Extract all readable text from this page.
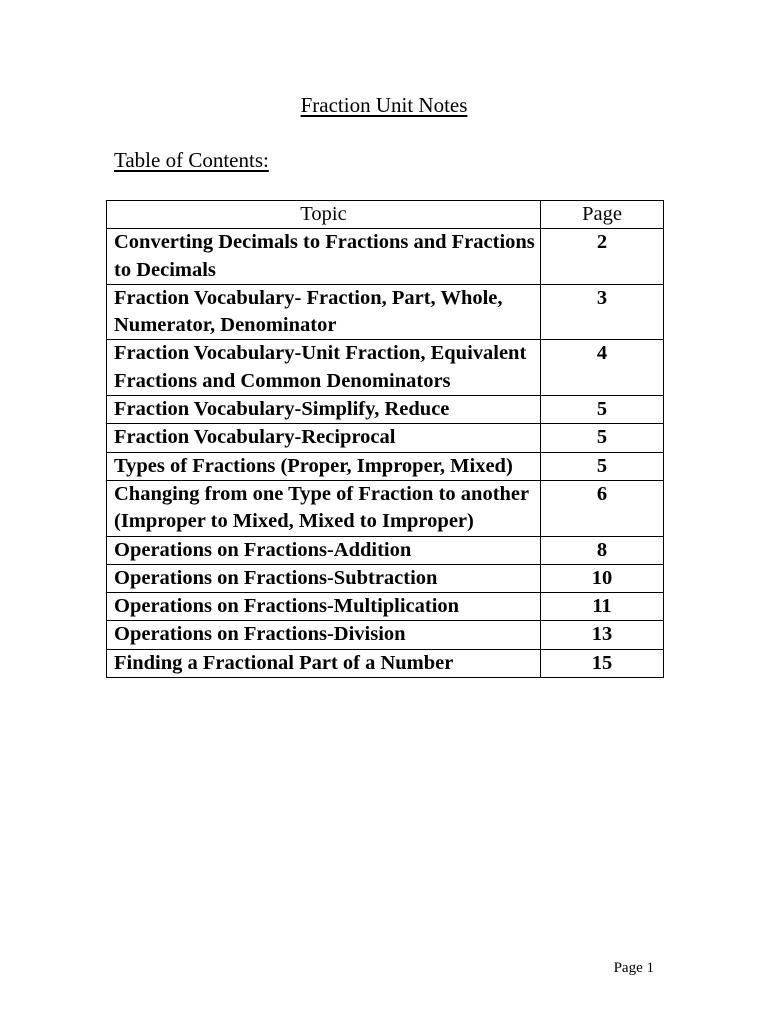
Fraction Unit Notes
Table of Contents:
Topic	Page
Converting Decimals to Fractions and Fractions to Decimals	2
Fraction Vocabulary- Fraction, Part, Whole, Numerator, Denominator	3
Fraction Vocabulary-Unit Fraction, Equivalent Fractions and Common Denominators	4
Fraction Vocabulary-Simplify, Reduce	5
Fraction Vocabulary-Reciprocal	5
Types of Fractions (Proper, Improper, Mixed)	5
Changing from one Type of Fraction to another (Improper to Mixed, Mixed to Improper)	6
Operations on Fractions-Addition	8
Operations on Fractions-Subtraction	10
Operations on Fractions-Multiplication	11
Operations on Fractions-Division	13
Finding a Fractional Part of a Number	15
Page 1
